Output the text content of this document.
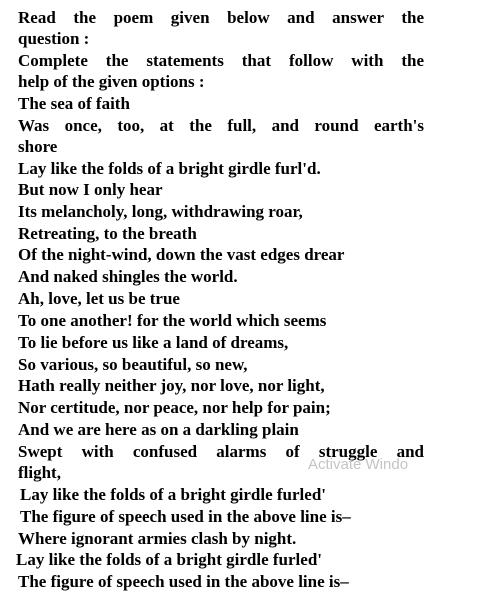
Read the poem given below and answer the
question :
Complete the statements that follow with the
help of the given options :
The sea of faith
Was once, too, at the full, and round earth's
shore
Lay like the folds of a bright girdle furl'd.
But now I only hear
Its melancholy, long, withdrawing roar,
Retreating, to the breath
Of the night-wind, down the vast edges drear
And naked shingles the world.
Ah, love, let us be true
To one another! for the world which seems
To lie before us like a land of dreams,
So various, so beautiful, so new,
Hath really neither joy, nor love, nor light,
Nor certitude, nor peace, nor help for pain;
And we are here as on a darkling plain
Swept with confused alarms of struggle and
flight,
Lay like the folds of a bright girdle furled'
The figure of speech used in the above line is–
Where ignorant armies clash by night.
Lay like the folds of a bright girdle furled'
The figure of speech used in the above line is–
Activate Windo
